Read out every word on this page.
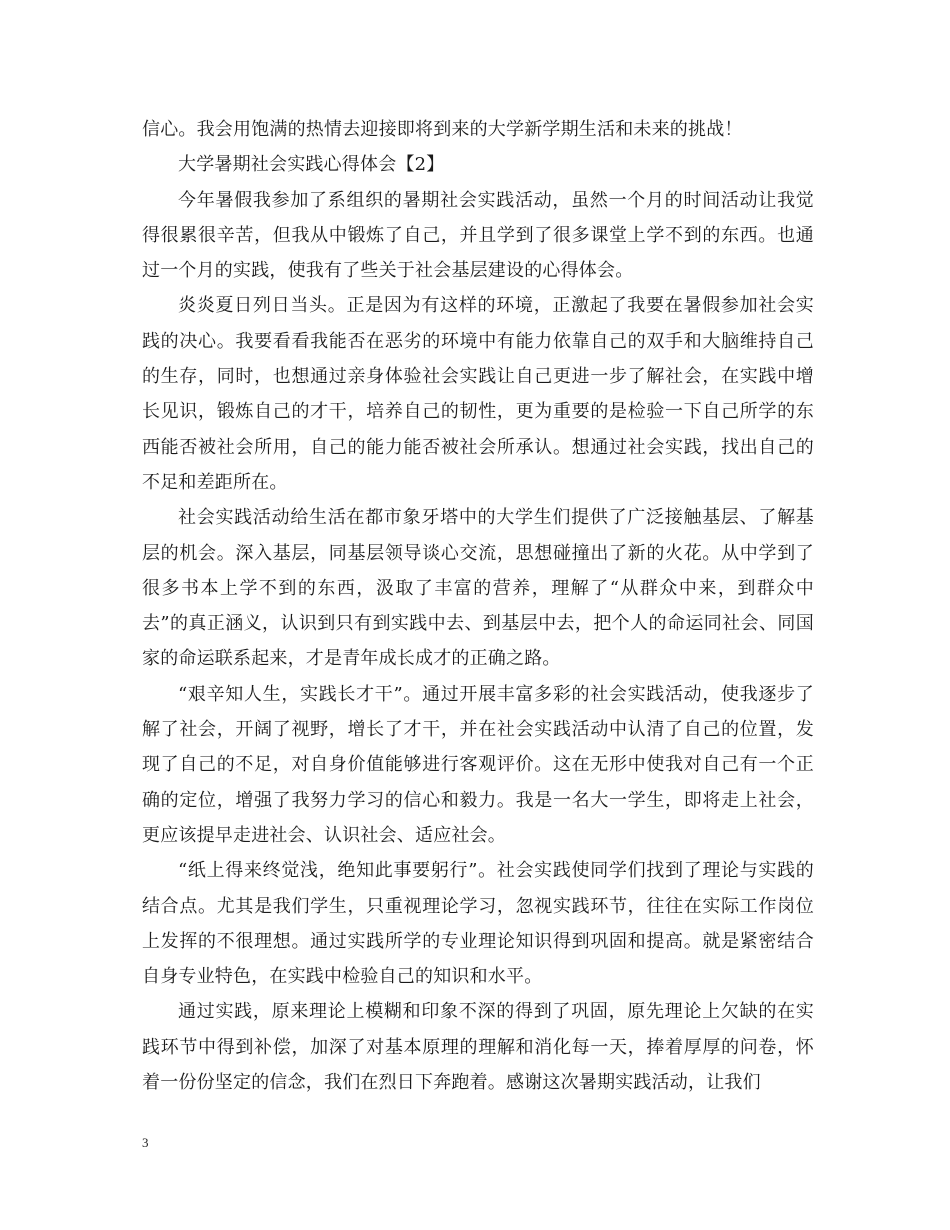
信心。我会用饱满的热情去迎接即将到来的大学新学期生活和未来的挑战！

大学暑期社会实践心得体会【2】

今年暑假我参加了系组织的暑期社会实践活动，虽然一个月的时间活动让我觉得很累很辛苦，但我从中锻炼了自己，并且学到了很多课堂上学不到的东西。也通过一个月的实践，使我有了些关于社会基层建设的心得体会。

炎炎夏日列日当头。正是因为有这样的环境，正激起了我要在暑假参加社会实践的决心。我要看看我能否在恶劣的环境中有能力依靠自己的双手和大脑维持自己的生存，同时，也想通过亲身体验社会实践让自己更进一步了解社会，在实践中增长见识，锻炼自己的才干，培养自己的韧性，更为重要的是检验一下自己所学的东西能否被社会所用，自己的能力能否被社会所承认。想通过社会实践，找出自己的不足和差距所在。

社会实践活动给生活在都市象牙塔中的大学生们提供了广泛接触基层、了解基层的机会。深入基层，同基层领导谈心交流，思想碰撞出了新的火花。从中学到了很多书本上学不到的东西，汲取了丰富的营养，理解了“从群众中来，到群众中去”的真正涵义，认识到只有到实践中去、到基层中去，把个人的命运同社会、同国家的命运联系起来，才是青年成长成才的正确之路。

“艰辛知人生，实践长才干”。通过开展丰富多彩的社会实践活动，使我逐步了解了社会，开阔了视野，增长了才干，并在社会实践活动中认清了自己的位置，发现了自己的不足，对自身价值能够进行客观评价。这在无形中使我对自己有一个正确的定位，增强了我努力学习的信心和毅力。我是一名大一学生，即将走上社会，更应该提早走进社会、认识社会、适应社会。

“纸上得来终觉浅，绝知此事要躬行”。社会实践使同学们找到了理论与实践的结合点。尤其是我们学生，只重视理论学习，忽视实践环节，往往在实际工作岗位上发挥的不很理想。通过实践所学的专业理论知识得到巩固和提高。就是紧密结合自身专业特色，在实践中检验自己的知识和水平。

通过实践，原来理论上模糊和印象不深的得到了巩固，原先理论上欠缺的在实践环节中得到补偿，加深了对基本原理的理解和消化每一天，捧着厚厚的问卷，怀着一份份坚定的信念，我们在烈日下奔跑着。感谢这次暑期实践活动，让我们

3
